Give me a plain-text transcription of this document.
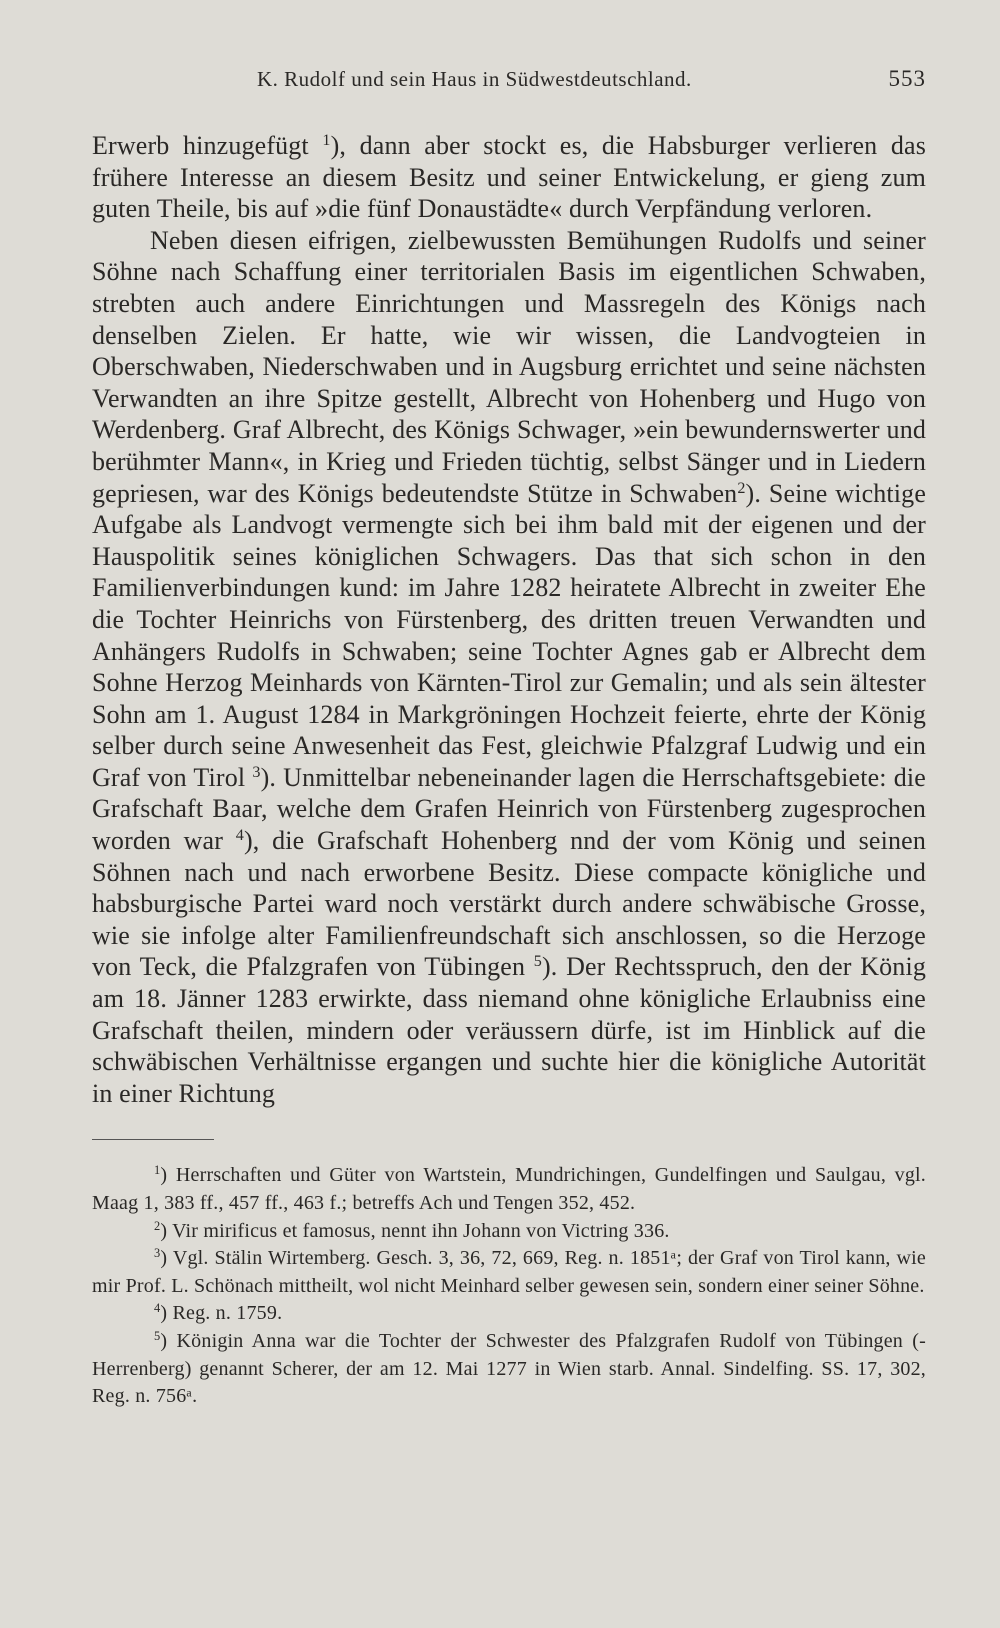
K. Rudolf und sein Haus in Südwestdeutschland.	553

Erwerb hinzugefügt $^1$), dann aber stockt es, die Habsburger verlieren das frühere Interesse an diesem Besitz und seiner Entwickelung, er gieng zum guten Theile, bis auf »die fünf Donaustädte« durch Verpfändung verloren.

Neben diesen eifrigen, zielbewussten Bemühungen Rudolfs und seiner Söhne nach Schaffung einer territorialen Basis im eigentlichen Schwaben, strebten auch andere Einrichtungen und Massregeln des Königs nach denselben Zielen. Er hatte, wie wir wissen, die Landvogteien in Oberschwaben, Niederschwaben und in Augsburg errichtet und seine nächsten Verwandten an ihre Spitze gestellt, Albrecht von Hohenberg und Hugo von Werdenberg. Graf Albrecht, des Königs Schwager, »ein bewundernswerter und berühmter Mann«, in Krieg und Frieden tüchtig, selbst Sänger und in Liedern gepriesen, war des Königs bedeutendste Stütze in Schwaben$^2$). Seine wichtige Aufgabe als Landvogt vermengte sich bei ihm bald mit der eigenen und der Hauspolitik seines königlichen Schwagers. Das that sich schon in den Familienverbindungen kund: im Jahre 1282 heiratete Albrecht in zweiter Ehe die Tochter Heinrichs von Fürstenberg, des dritten treuen Verwandten und Anhängers Rudolfs in Schwaben; seine Tochter Agnes gab er Albrecht dem Sohne Herzog Meinhards von Kärnten-Tirol zur Gemalin; und als sein ältester Sohn am 1. August 1284 in Markgröningen Hochzeit feierte, ehrte der König selber durch seine Anwesenheit das Fest, gleichwie Pfalzgraf Ludwig und ein Graf von Tirol $^3$). Unmittelbar nebeneinander lagen die Herrschaftsgebiete: die Grafschaft Baar, welche dem Grafen Heinrich von Fürstenberg zugesprochen worden war $^4$), die Grafschaft Hohenberg nnd der vom König und seinen Söhnen nach und nach erworbene Besitz. Diese compacte königliche und habsburgische Partei ward noch verstärkt durch andere schwäbische Grosse, wie sie infolge alter Familienfreundschaft sich anschlossen, so die Herzoge von Teck, die Pfalzgrafen von Tübingen $^5$). Der Rechtsspruch, den der König am 18. Jänner 1283 erwirkte, dass niemand ohne königliche Erlaubniss eine Grafschaft theilen, mindern oder veräussern dürfe, ist im Hinblick auf die schwäbischen Verhältnisse ergangen und suchte hier die königliche Autorität in einer Richtung

$^1$) Herrschaften und Güter von Wartstein, Mundrichingen, Gundelfingen und Saulgau, vgl. Maag 1, 383 ff., 457 ff., 463 f.; betreffs Ach und Tengen 352, 452.

$^2$) Vir mirificus et famosus, nennt ihn Johann von Victring 336.

$^3$) Vgl. Stälin Wirtemberg. Gesch. 3, 36, 72, 669, Reg. n. 1851ᵃ; der Graf von Tirol kann, wie mir Prof. L. Schönach mittheilt, wol nicht Meinhard selber gewesen sein, sondern einer seiner Söhne.

$^4$) Reg. n. 1759.

$^5$) Königin Anna war die Tochter der Schwester des Pfalzgrafen Rudolf von Tübingen (-Herrenberg) genannt Scherer, der am 12. Mai 1277 in Wien starb. Annal. Sindelfing. SS. 17, 302, Reg. n. 756ᵃ.
